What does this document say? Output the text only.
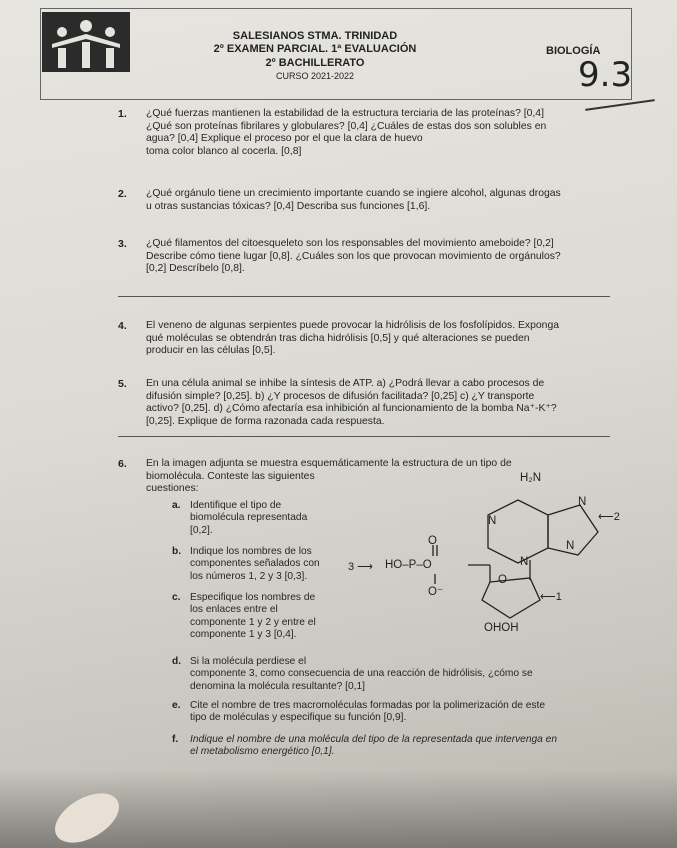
SALESIANOS STMA. TRINIDAD
2º EXAMEN PARCIAL. 1ª EVALUACIÓN
2º BACHILLERATO
CURSO 2021-2022
BIOLOGÍA
9.3
1. ¿Qué fuerzas mantienen la estabilidad de la estructura terciaria de las proteínas? [0,4]
¿Qué son proteínas fibrilares y globulares? [0,4] ¿Cuáles de estas dos son solubles en
agua? [0,4] Explique el proceso por el que la clara de huevo
toma color blanco al cocerla. [0,8]
2. ¿Qué orgánulo tiene un crecimiento importante cuando se ingiere alcohol, algunas drogas
u otras sustancias tóxicas? [0,4] Describa sus funciones [1,6].
3. ¿Qué filamentos del citoesqueleto son los responsables del movimiento ameboide? [0,2]
Describe cómo tiene lugar [0,8]. ¿Cuáles son los que provocan movimiento de orgánulos?
[0,2] Descríbelo [0,8].
4. El veneno de algunas serpientes puede provocar la hidrólisis de los fosfolípidos. Exponga
qué moléculas se obtendrán tras dicha hidrólisis [0,5] y qué alteraciones se pueden
producir en las células [0,5].
5. En una célula animal se inhibe la síntesis de ATP. a) ¿Podrá llevar a cabo procesos de
difusión simple? [0,25]. b) ¿Y procesos de difusión facilitada? [0,25] c) ¿Y transporte
activo? [0,25]. d) ¿Cómo afectaría esa inhibición al funcionamiento de la bomba Na⁺-K⁺?
[0,25]. Explique de forma razonada cada respuesta.
6. En la imagen adjunta se muestra esquemáticamente la estructura de un tipo de
biomolécula. Conteste las siguientes
cuestiones:
a. Identifique el tipo de
biomolécula representada
[0,2].
b. Indique los nombres de los
componentes señalados con
los números 1, 2 y 3 [0,3].
c. Especifique los nombres de
los enlaces entre el
componente 1 y 2 y entre el
componente 1 y 3 [0,4].
d. Si la molécula perdiese el
componente 3, como consecuencia de una reacción de hidrólisis, ¿cómo se
denomina la molécula resultante? [0,1]
e. Cite el nombre de tres macromoléculas formadas por la polimerización de este
tipo de moléculas y especifique su función [0,9].
f. Indique el nombre de una molécula del tipo de la representada que intervenga en
el metabolismo energético [0,1].
H₂N
N
N
N
N
O
HO–P–O
O⁻
O
OHOH
3 ⟶
⟵2
⟵1
